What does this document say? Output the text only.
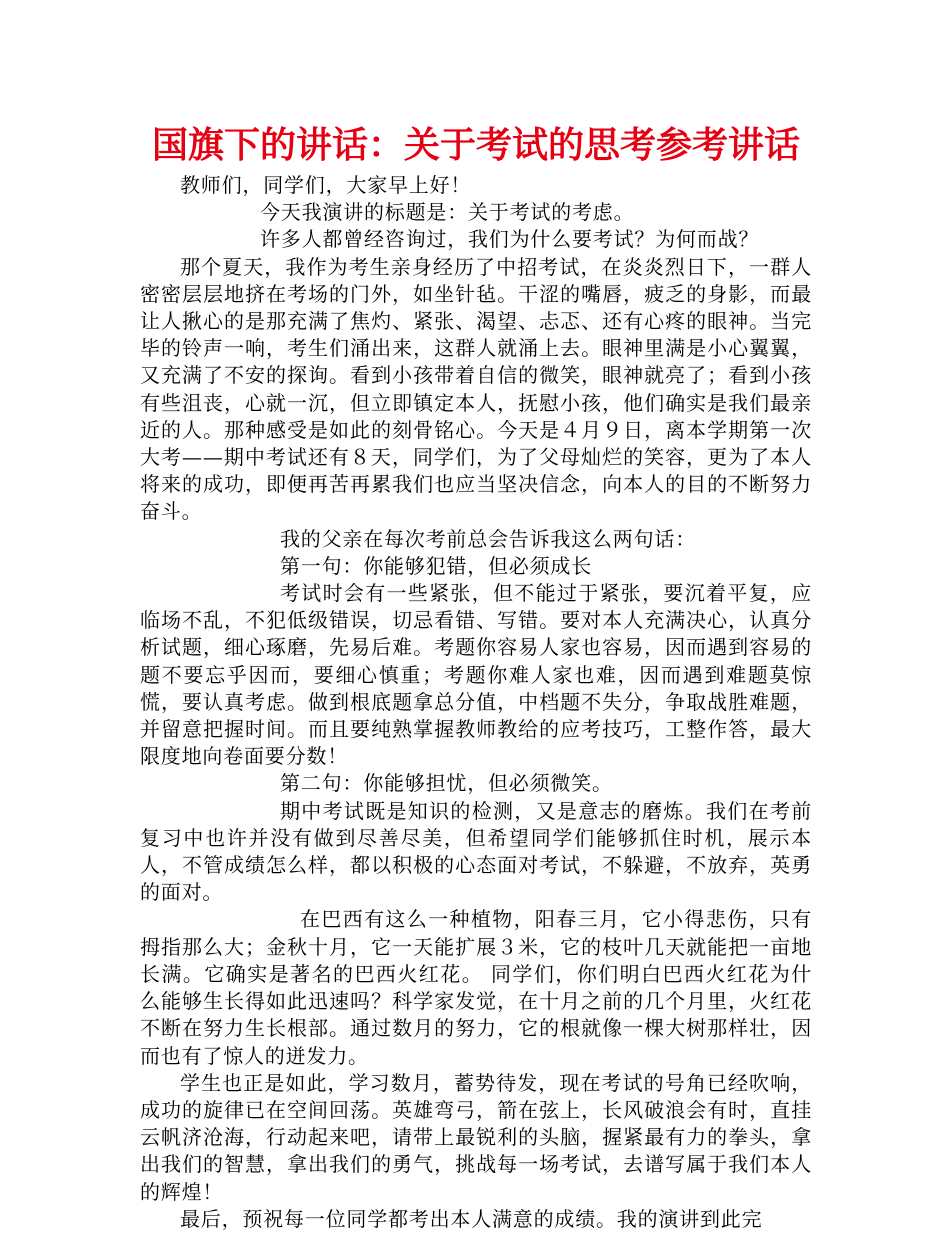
国旗下的讲话：关于考试的思考参考讲话

教师们，同学们，大家早上好！

今天我演讲的标题是：关于考试的考虑。

许多人都曾经咨询过，我们为什么要考试？为何而战？

那个夏天，我作为考生亲身经历了中招考试，在炎炎烈日下，一群人密密层层地挤在考场的门外，如坐针毡。干涩的嘴唇，疲乏的身影，而最让人揪心的是那充满了焦灼、紧张、渴望、忐忑、还有心疼的眼神。当完毕的铃声一响，考生们涌出来，这群人就涌上去。眼神里满是小心翼翼，又充满了不安的探询。看到小孩带着自信的微笑，眼神就亮了；看到小孩有些沮丧，心就一沉，但立即镇定本人，抚慰小孩，他们确实是我们最亲近的人。那种感受是如此的刻骨铭心。今天是４月９日，离本学期第一次大考——期中考试还有８天，同学们，为了父母灿烂的笑容，更为了本人将来的成功，即便再苦再累我们也应当坚决信念，向本人的目的不断努力奋斗。

我的父亲在每次考前总会告诉我这么两句话：

第一句：你能够犯错，但必须成长

考试时会有一些紧张，但不能过于紧张，要沉着平复，应临场不乱，不犯低级错误，切忌看错、写错。要对本人充满决心，认真分析试题，细心琢磨，先易后难。考题你容易人家也容易，因而遇到容易的题不要忘乎因而，要细心慎重；考题你难人家也难，因而遇到难题莫惊慌，要认真考虑。做到根底题拿总分值，中档题不失分，争取战胜难题，并留意把握时间。而且要纯熟掌握教师教给的应考技巧，工整作答，最大限度地向卷面要分数！

第二句：你能够担忧，但必须微笑。

期中考试既是知识的检测，又是意志的磨炼。我们在考前复习中也许并没有做到尽善尽美，但希望同学们能够抓住时机，展示本人，不管成绩怎么样，都以积极的心态面对考试，不躲避，不放弃，英勇的面对。

在巴西有这么一种植物，阳春三月，它小得悲伤，只有拇指那么大；金秋十月，它一天能扩展３米，它的枝叶几天就能把一亩地长满。它确实是著名的巴西火红花。 同学们，你们明白巴西火红花为什么能够生长得如此迅速吗？科学家发觉，在十月之前的几个月里，火红花不断在努力生长根部。通过数月的努力，它的根就像一棵大树那样壮，因而也有了惊人的迸发力。

学生也正是如此，学习数月，蓄势待发，现在考试的号角已经吹响，成功的旋律已在空间回荡。英雄弯弓，箭在弦上，长风破浪会有时，直挂云帆济沧海，行动起来吧，请带上最锐利的头脑，握紧最有力的拳头，拿出我们的智慧，拿出我们的勇气，挑战每一场考试，去谱写属于我们本人的辉煌！

最后，预祝每一位同学都考出本人满意的成绩。我的演讲到此完
